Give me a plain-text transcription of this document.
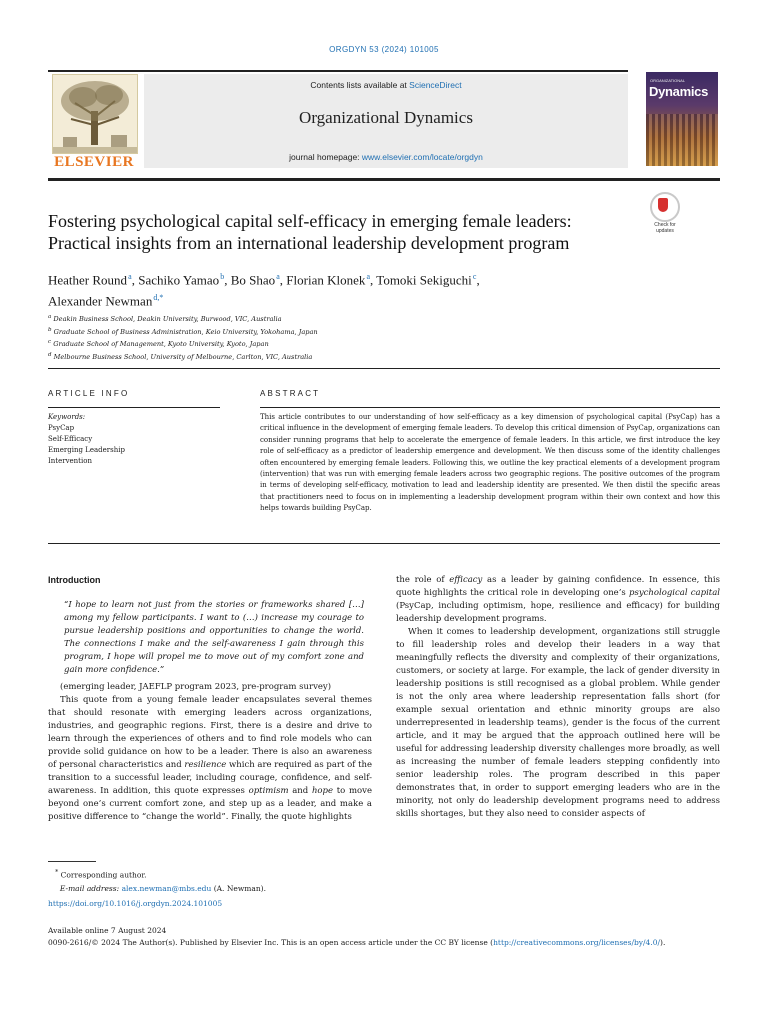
ORGDYN 53 (2024) 101005
ELSEVIER
Contents lists available at ScienceDirect
Organizational Dynamics
journal homepage: www.elsevier.com/locate/orgdyn
ORGANIZATIONAL
Dynamics
Fostering psychological capital self-efficacy in emerging female leaders: Practical insights from an international leadership development program
Check for updates
Heather Round $^a$, Sachiko Yamao $^b$, Bo Shao $^a$, Florian Klonek $^a$, Tomoki Sekiguchi $^c$,
Alexander Newman $^{d,*}$
$^a$ Deakin Business School, Deakin University, Burwood, VIC, Australia
$^b$ Graduate School of Business Administration, Keio University, Yokohama, Japan
$^c$ Graduate School of Management, Kyoto University, Kyoto, Japan
$^d$ Melbourne Business School, University of Melbourne, Carlton, VIC, Australia
ARTICLE INFO	ABSTRACT
Keywords:
PsyCap
Self-Efficacy
Emerging Leadership
Intervention
This article contributes to our understanding of how self-efficacy as a key dimension of psychological capital (PsyCap) has a critical influence in the development of emerging female leaders. To develop this critical dimension of PsyCap, organizations can consider running programs that help to accelerate the emergence of female leaders. In this article, we first introduce the key role of self-efficacy as a predictor of leadership emergence and development. We then discuss some of the identity challenges often encountered by emerging female leaders. Following this, we outline the key practical elements of a development program (intervention) that was run with emerging female leaders across two geographic regions. The positive outcomes of the program in terms of developing self-efficacy, motivation to lead and leadership identity are presented. We then distil the specific areas that practitioners need to focus on in implementing a leadership development program within their own context and how this helps towards building PsyCap.
Introduction

“I hope to learn not just from the stories or frameworks shared […] among my fellow participants. I want to (…) increase my courage to pursue leadership positions and opportunities to change the world. The connections I make and the self-awareness I gain through this program, I hope will propel me to move out of my comfort zone and gain more confidence.”

(emerging leader, JAEFLP program 2023, pre-program survey)

This quote from a young female leader encapsulates several themes that should resonate with emerging leaders across organizations, industries, and geographic regions. First, there is a desire and drive to learn through the experiences of others and to find role models who can provide solid guidance on how to be a leader. There is also an awareness of personal characteristics and resilience which are required as part of the transition to a successful leader, including courage, confidence, and self-awareness. In addition, this quote expresses optimism and hope to move beyond one’s current comfort zone, and step up as a leader, and make a positive difference to “change the world”. Finally, the quote highlights

the role of efficacy as a leader by gaining confidence. In essence, this quote highlights the critical role in developing one’s psychological capital (PsyCap, including optimism, hope, resilience and efficacy) for building leadership development programs.

When it comes to leadership development, organizations still struggle to fill leadership roles and develop their leaders in a way that meaningfully reflects the diversity and complexity of their organizations, customers, or society at large. For example, the lack of gender diversity in leadership positions is still recognised as a global problem. While gender is not the only area where leadership representation falls short (for example sexual orientation and ethnic minority groups are also underrepresented in leadership teams), gender is the focus of the current article, and it may be argued that the approach outlined here will be useful for addressing leadership diversity challenges more broadly, as well as increasing the number of female leaders stepping confidently into senior leadership roles. The program described in this paper demonstrates that, in order to support emerging leaders who are in the minority, not only do leadership development programs need to address skills shortages, but they also need to consider aspects of

* Corresponding author.
E-mail address: alex.newman@mbs.edu (A. Newman).
https://doi.org/10.1016/j.orgdyn.2024.101005
Available online 7 August 2024
0090-2616/© 2024 The Author(s). Published by Elsevier Inc. This is an open access article under the CC BY license (http://creativecommons.org/licenses/by/4.0/).
